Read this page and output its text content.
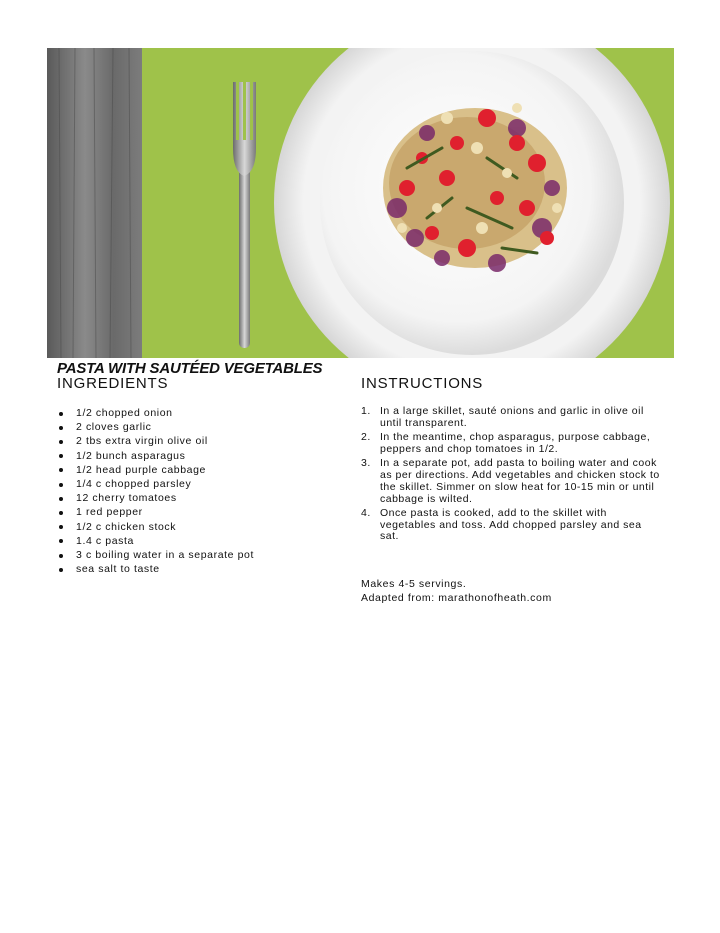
PASTA WITH SAUTÉED VEGETABLES
INGREDIENTS	INSTRUCTIONS
1/2 chopped onion
2 cloves garlic
2 tbs extra virgin olive oil
1/2 bunch asparagus
1/2 head purple cabbage
1/4 c chopped parsley
12 cherry tomatoes
1 red pepper
1/2 c chicken stock
1.4 c pasta
3 c boiling water in a separate pot
sea salt to taste
1. In a large skillet, sauté onions and garlic in olive oil until transparent.
2. In the meantime, chop asparagus, purpose cabbage, peppers and chop tomatoes in 1/2.
3. In a separate pot, add pasta to boiling water and cook as per directions. Add vegetables and chicken stock to the skillet. Simmer on slow heat for 10-15 min or until cabbage is wilted.
4. Once pasta is cooked, add to the skillet with vegetables and toss. Add chopped parsley and sea sat.
Makes 4-5 servings.
Adapted from: marathonofheath.com
